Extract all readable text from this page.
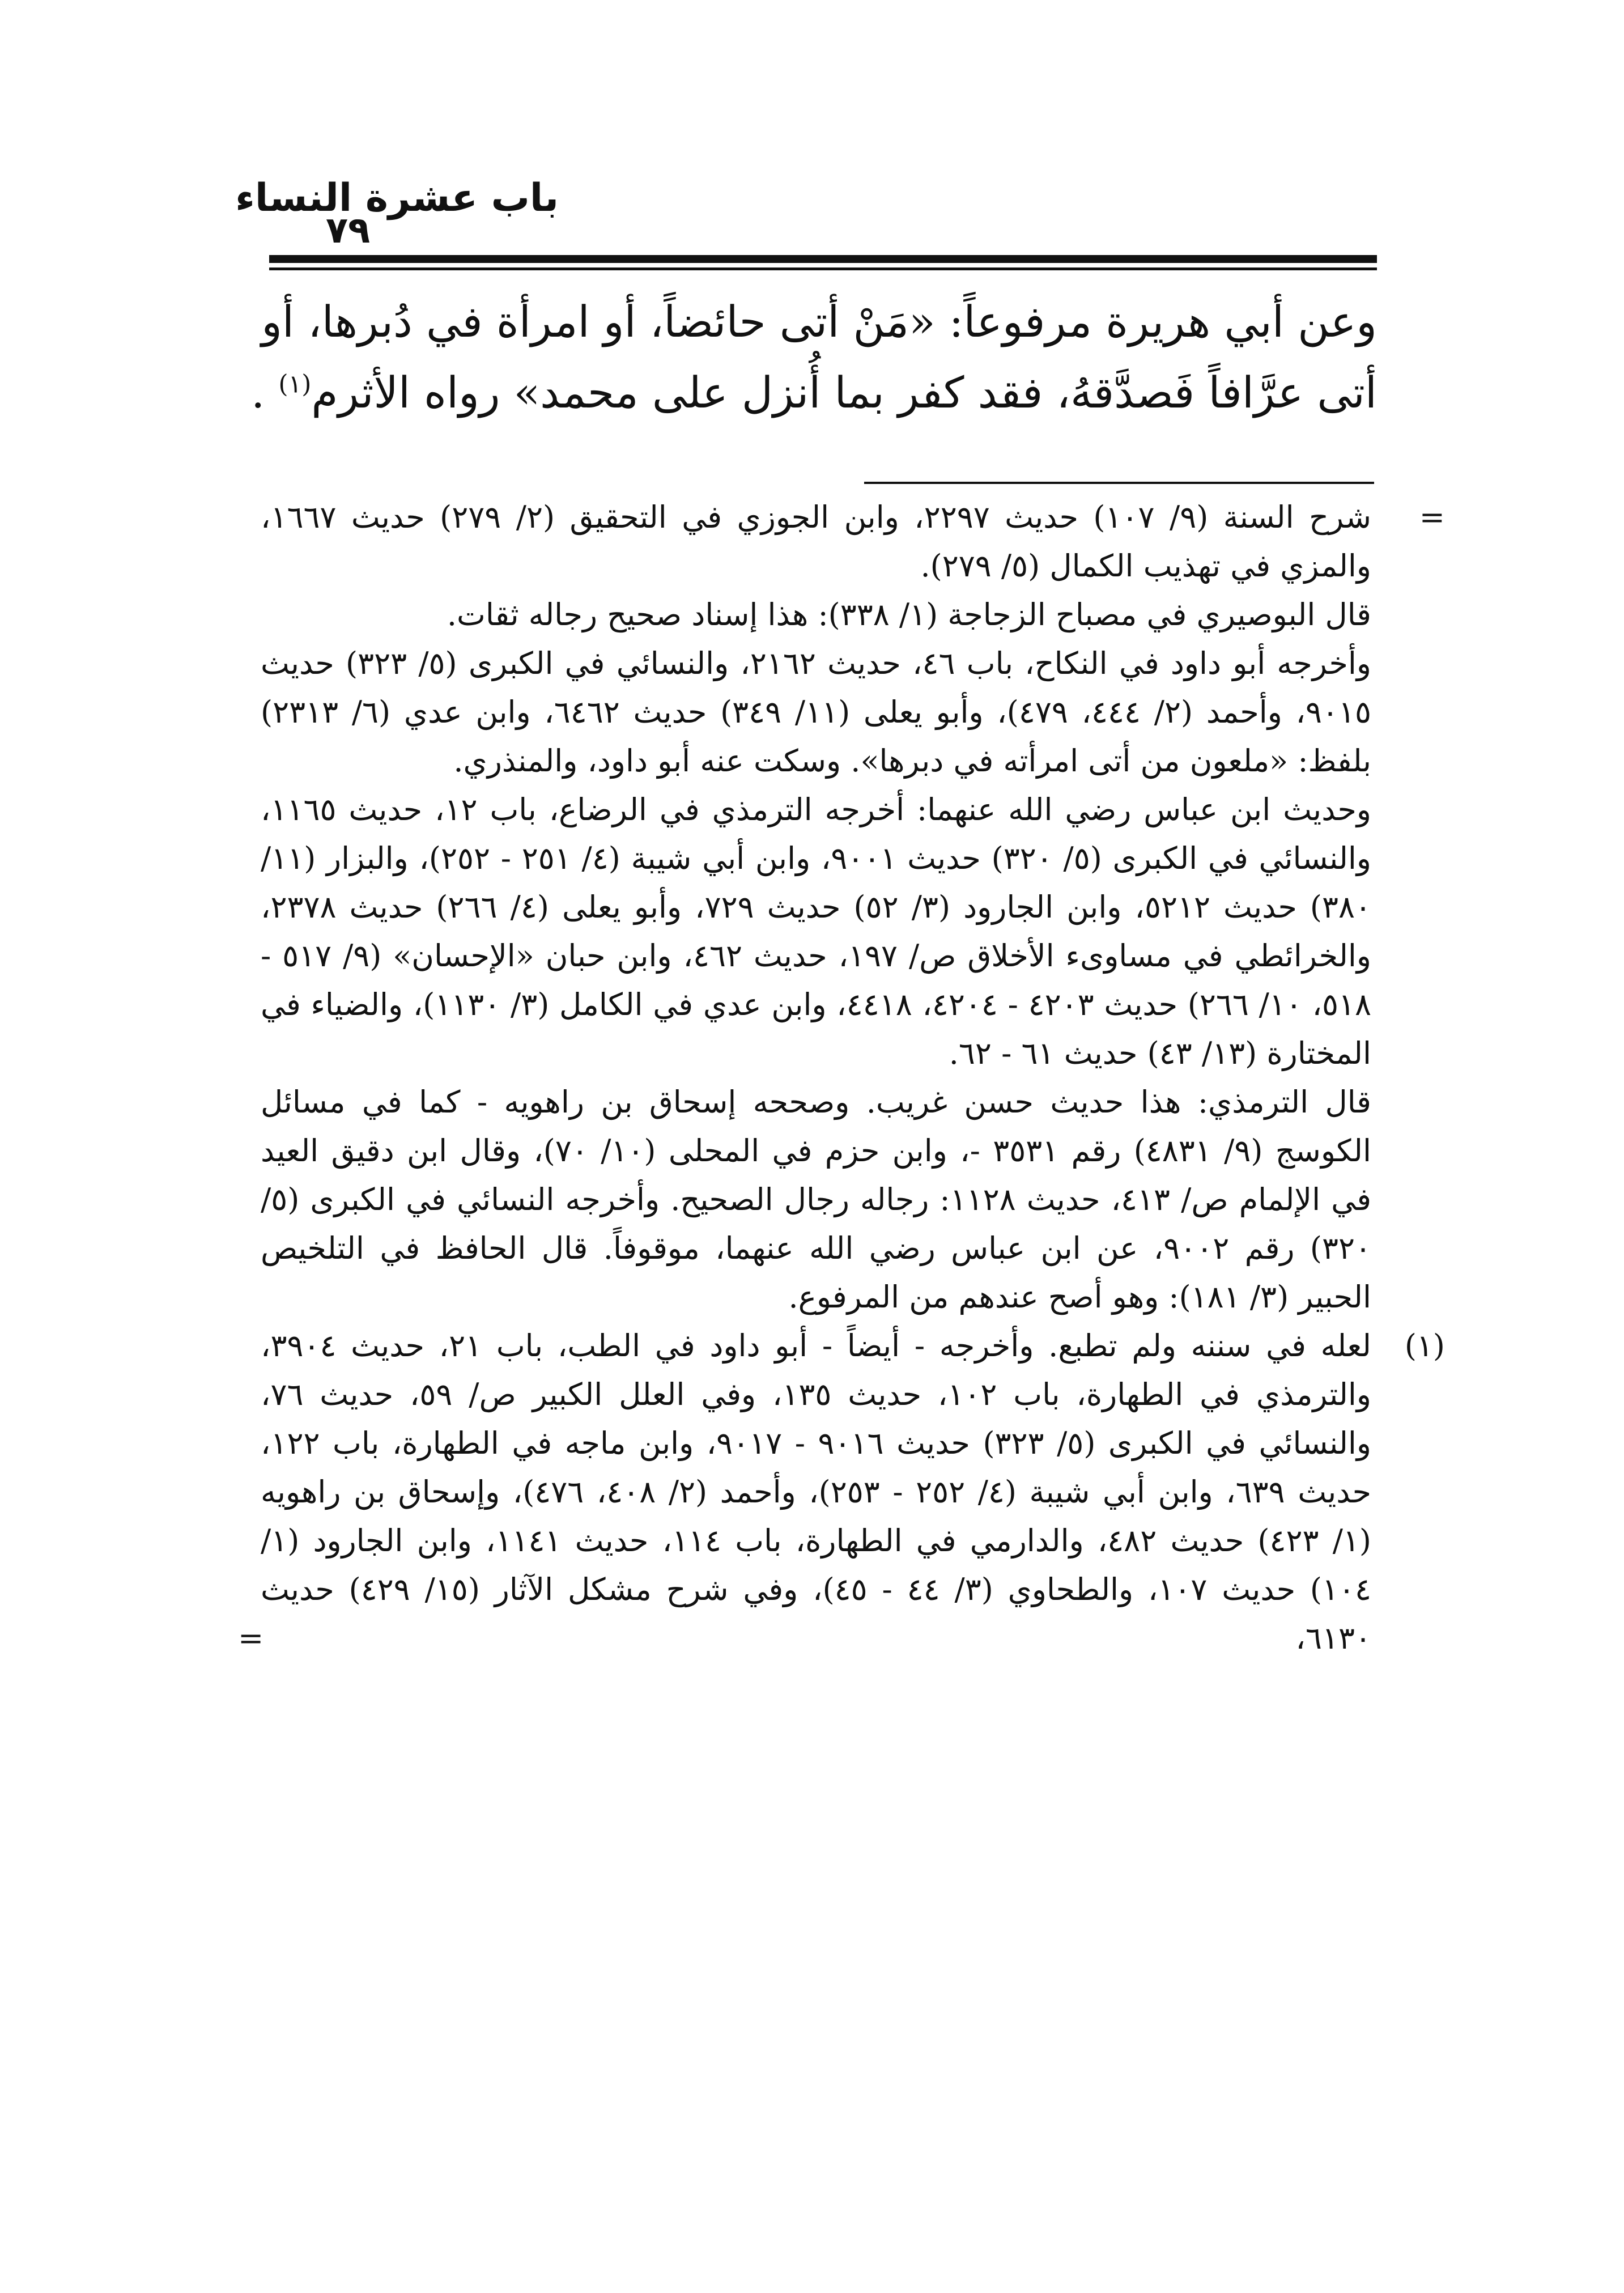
باب عشرة النساء
٧٩

وعن أبي هريرة مرفوعاً: «مَنْ أتى حائضاً، أو امرأة في دُبرها، أو

أتى عرَّافاً فَصدَّقهُ، فقد كفر بما أُنزل على محمد» رواه الأثرم$^{(١)}$ .

=
شرح السنة (٩/ ١٠٧) حديث ٢٢٩٧، وابن الجوزي في التحقيق (٢/ ٢٧٩) حديث ١٦٦٧، والمزي في تهذيب الكمال (٥/ ٢٧٩).

قال البوصيري في مصباح الزجاجة (١/ ٣٣٨): هذا إسناد صحيح رجاله ثقات.

وأخرجه أبو داود في النكاح، باب ٤٦، حديث ٢١٦٢، والنسائي في الكبرى (٥/ ٣٢٣) حديث ٩٠١٥، وأحمد (٢/ ٤٤٤، ٤٧٩)، وأبو يعلى (١١/ ٣٤٩) حديث ٦٤٦٢، وابن عدي (٦/ ٢٣١٣) بلفظ: «ملعون من أتى امرأته في دبرها». وسكت عنه أبو داود، والمنذري.

وحديث ابن عباس رضي الله عنهما: أخرجه الترمذي في الرضاع، باب ١٢، حديث ١١٦٥، والنسائي في الكبرى (٥/ ٣٢٠) حديث ٩٠٠١، وابن أبي شيبة (٤/ ٢٥١ - ٢٥٢)، والبزار (١١/ ٣٨٠) حديث ٥٢١٢، وابن الجارود (٣/ ٥٢) حديث ٧٢٩، وأبو يعلى (٤/ ٢٦٦) حديث ٢٣٧٨، والخرائطي في مساوىء الأخلاق ص/ ١٩٧، حديث ٤٦٢، وابن حبان «الإحسان» (٩/ ٥١٧ - ٥١٨، ١٠/ ٢٦٦) حديث ٤٢٠٣ - ٤٢٠٤، ٤٤١٨، وابن عدي في الكامل (٣/ ١١٣٠)، والضياء في المختارة (١٣/ ٤٣) حديث ٦١ - ٦٢.

قال الترمذي: هذا حديث حسن غريب. وصححه إسحاق بن راهويه - كما في مسائل الكوسج (٩/ ٤٨٣١) رقم ٣٥٣١ -، وابن حزم في المحلى (١٠/ ٧٠)، وقال ابن دقيق العيد في الإلمام ص/ ٤١٣، حديث ١١٢٨: رجاله رجال الصحيح. وأخرجه النسائي في الكبرى (٥/ ٣٢٠) رقم ٩٠٠٢، عن ابن عباس رضي الله عنهما، موقوفاً. قال الحافظ في التلخيص الحبير (٣/ ١٨١): وهو أصح عندهم من المرفوع.

(١)
لعله في سننه ولم تطبع. وأخرجه - أيضاً - أبو داود في الطب، باب ٢١، حديث ٣٩٠٤، والترمذي في الطهارة، باب ١٠٢، حديث ١٣٥، وفي العلل الكبير ص/ ٥٩، حديث ٧٦، والنسائي في الكبرى (٥/ ٣٢٣) حديث ٩٠١٦ - ٩٠١٧، وابن ماجه في الطهارة، باب ١٢٢، حديث ٦٣٩، وابن أبي شيبة (٤/ ٢٥٢ - ٢٥٣)، وأحمد (٢/ ٤٠٨، ٤٧٦)، وإسحاق بن راهويه (١/ ٤٢٣) حديث ٤٨٢، والدارمي في الطهارة، باب ١١٤، حديث ١١٤١، وابن الجارود (١/ ١٠٤) حديث ١٠٧، والطحاوي (٣/ ٤٤ - ٤٥)، وفي شرح مشكل الآثار (١٥/ ٤٢٩) حديث ٦١٣٠،
=
